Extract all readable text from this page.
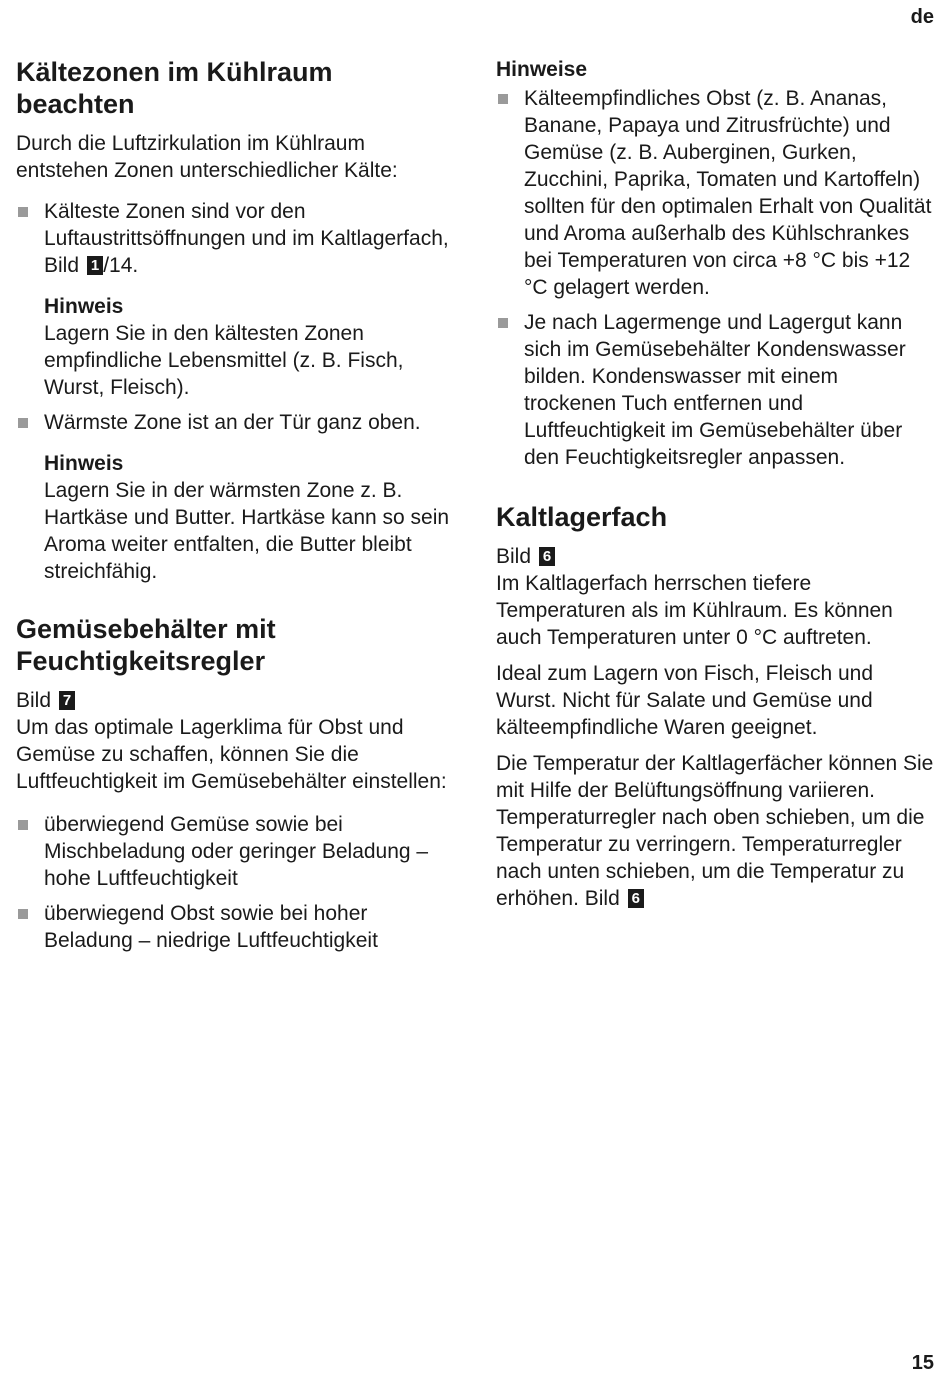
de
Kältezonen im Kühlraum beachten

Durch die Luftzirkulation im Kühlraum entstehen Zonen unterschiedlicher Kälte:

Kälteste Zonen sind vor den Luftaustrittsöffnungen und im Kaltlagerfach, Bild 1 /14.
Hinweis

Lagern Sie in den kältesten Zonen empfindliche Lebensmittel (z. B. Fisch, Wurst, Fleisch).

Wärmste Zone ist an der Tür ganz oben.
Hinweis

Lagern Sie in der wärmsten Zone z. B. Hartkäse und Butter. Hartkäse kann so sein Aroma weiter entfalten, die Butter bleibt streichfähig.

Gemüsebehälter mit Feuchtigkeitsregler

Bild 7

Um das optimale Lagerklima für Obst und Gemüse zu schaffen, können Sie die Luftfeuchtigkeit im Gemüsebehälter einstellen:

überwiegend Gemüse sowie bei Mischbeladung oder geringer Beladung – hohe Luftfeuchtigkeit
überwiegend Obst sowie bei hoher Beladung – niedrige Luftfeuchtigkeit
Hinweise
Kälteempfindliches Obst (z. B. Ananas, Banane, Papaya und Zitrusfrüchte) und Gemüse (z. B. Auberginen, Gurken, Zucchini, Paprika, Tomaten und Kartoffeln) sollten für den optimalen Erhalt von Qualität und Aroma außerhalb des Kühlschrankes bei Temperaturen von circa +8 °C bis +12 °C gelagert werden.
Je nach Lagermenge und Lagergut kann sich im Gemüsebehälter Kondenswasser bilden. Kondenswasser mit einem trockenen Tuch entfernen und Luftfeuchtigkeit im Gemüsebehälter über den Feuchtigkeitsregler anpassen.
Kaltlagerfach

Bild 6

Im Kaltlagerfach herrschen tiefere Temperaturen als im Kühlraum. Es können auch Temperaturen unter 0 °C auftreten.

Ideal zum Lagern von Fisch, Fleisch und Wurst. Nicht für Salate und Gemüse und kälteempfindliche Waren geeignet.

Die Temperatur der Kaltlagerfächer können Sie mit Hilfe der Belüftungsöffnung variieren. Temperaturregler nach oben schieben, um die Temperatur zu verringern. Temperaturregler nach unten schieben, um die Temperatur zu erhöhen. Bild 6

15
